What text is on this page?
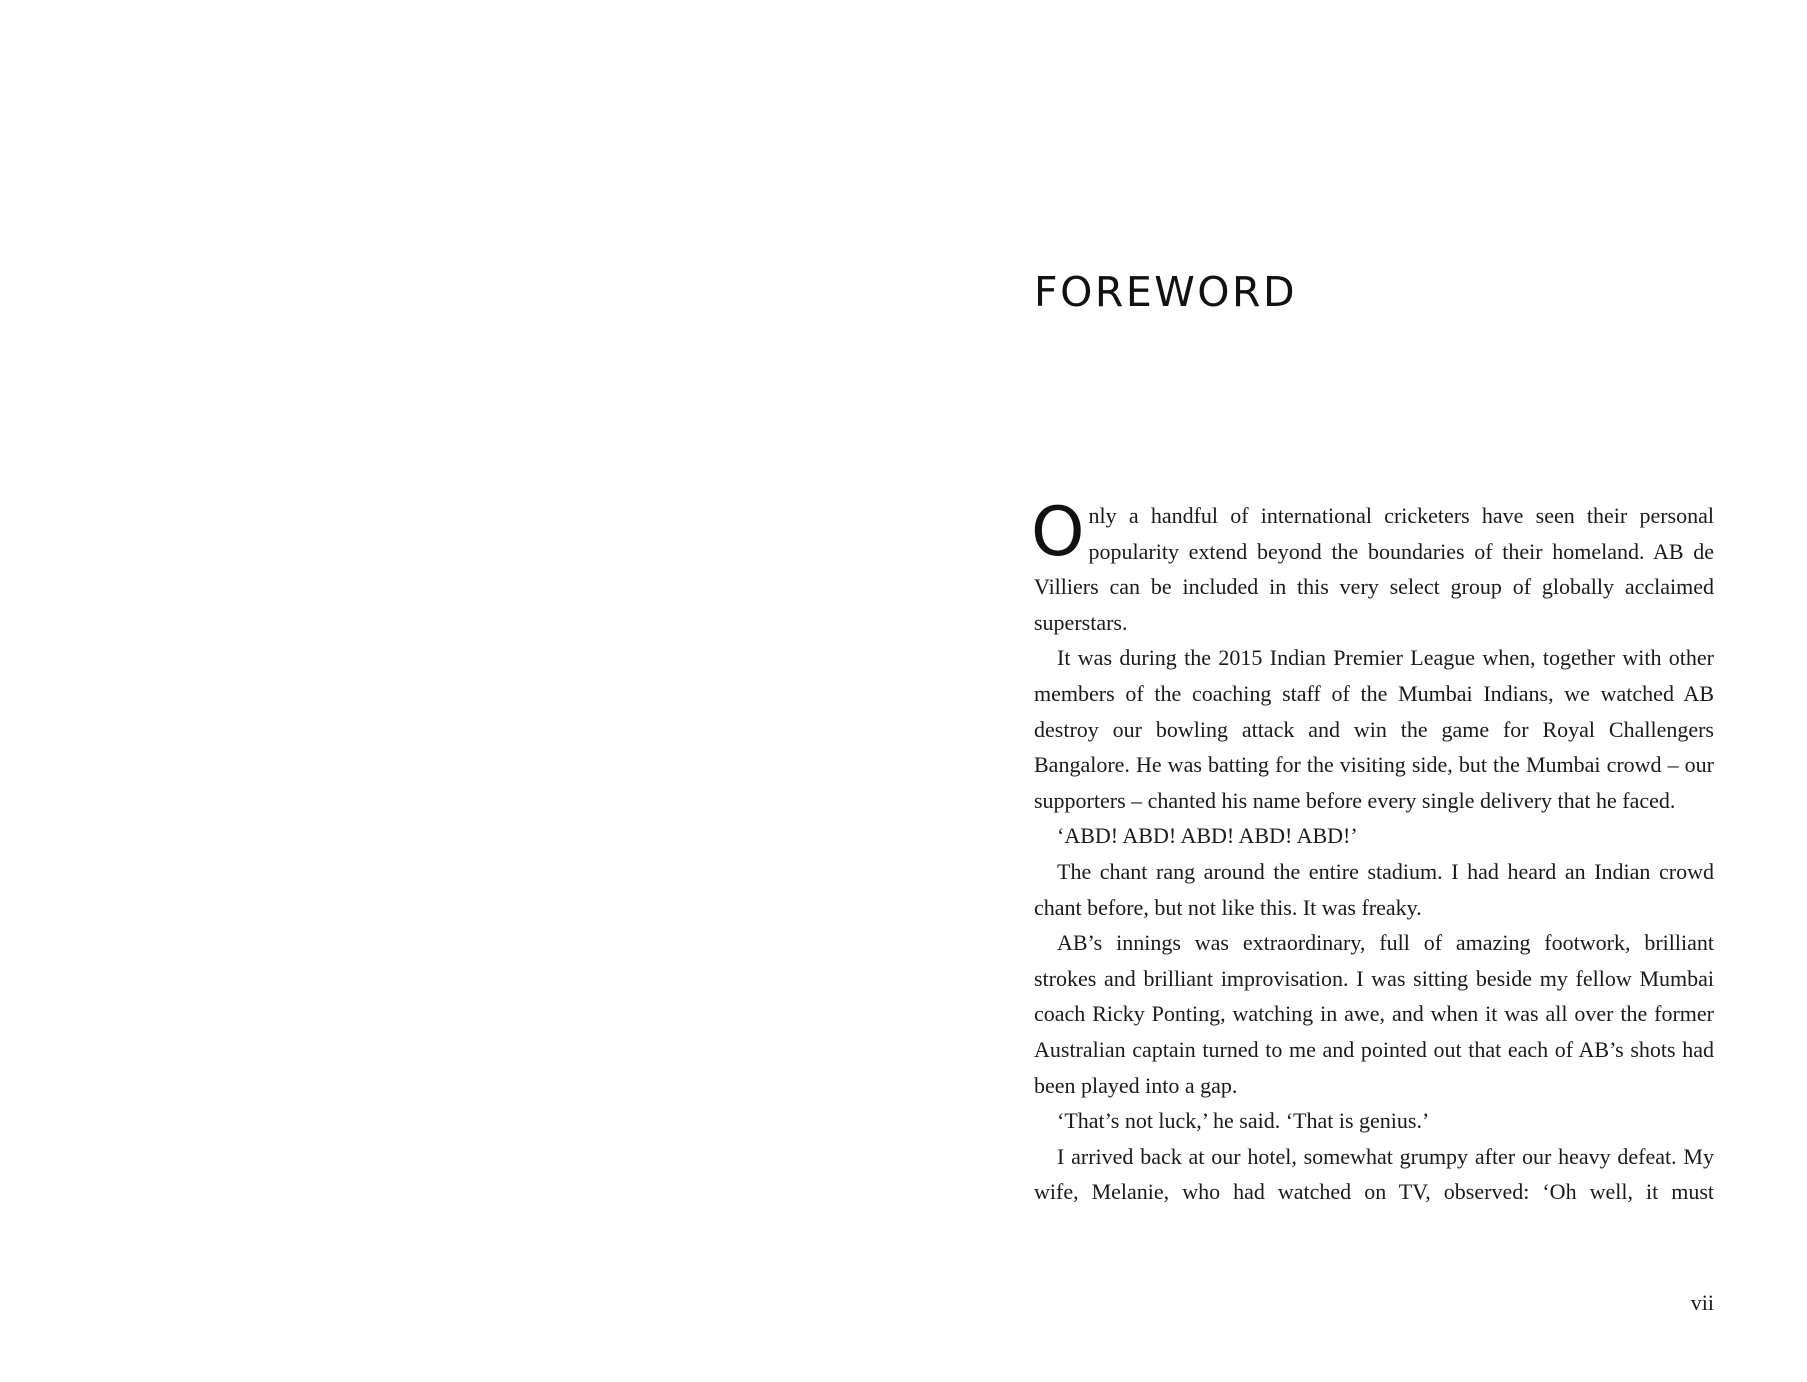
FOREWORD

Only a handful of international cricketers have seen their personal popularity extend beyond the boundaries of their homeland. AB de Villiers can be included in this very select group of globally acclaimed superstars.

It was during the 2015 Indian Premier League when, together with other members of the coaching staff of the Mumbai Indians, we watched AB destroy our bowling attack and win the game for Royal Challengers Bangalore. He was batting for the visiting side, but the Mumbai crowd – our supporters – chanted his name before every single delivery that he faced.

‘ABD! ABD! ABD! ABD! ABD!’

The chant rang around the entire stadium. I had heard an Indian crowd chant before, but not like this. It was freaky.

AB’s innings was extraordinary, full of amazing footwork, brilliant strokes and brilliant improvisation. I was sitting beside my fellow Mumbai coach Ricky Ponting, watching in awe, and when it was all over the former Australian captain turned to me and pointed out that each of AB’s shots had been played into a gap.

‘That’s not luck,’ he said. ‘That is genius.’

I arrived back at our hotel, somewhat grumpy after our heavy defeat. My wife, Melanie, who had watched on TV, observed: ‘Oh well, it must

vii
